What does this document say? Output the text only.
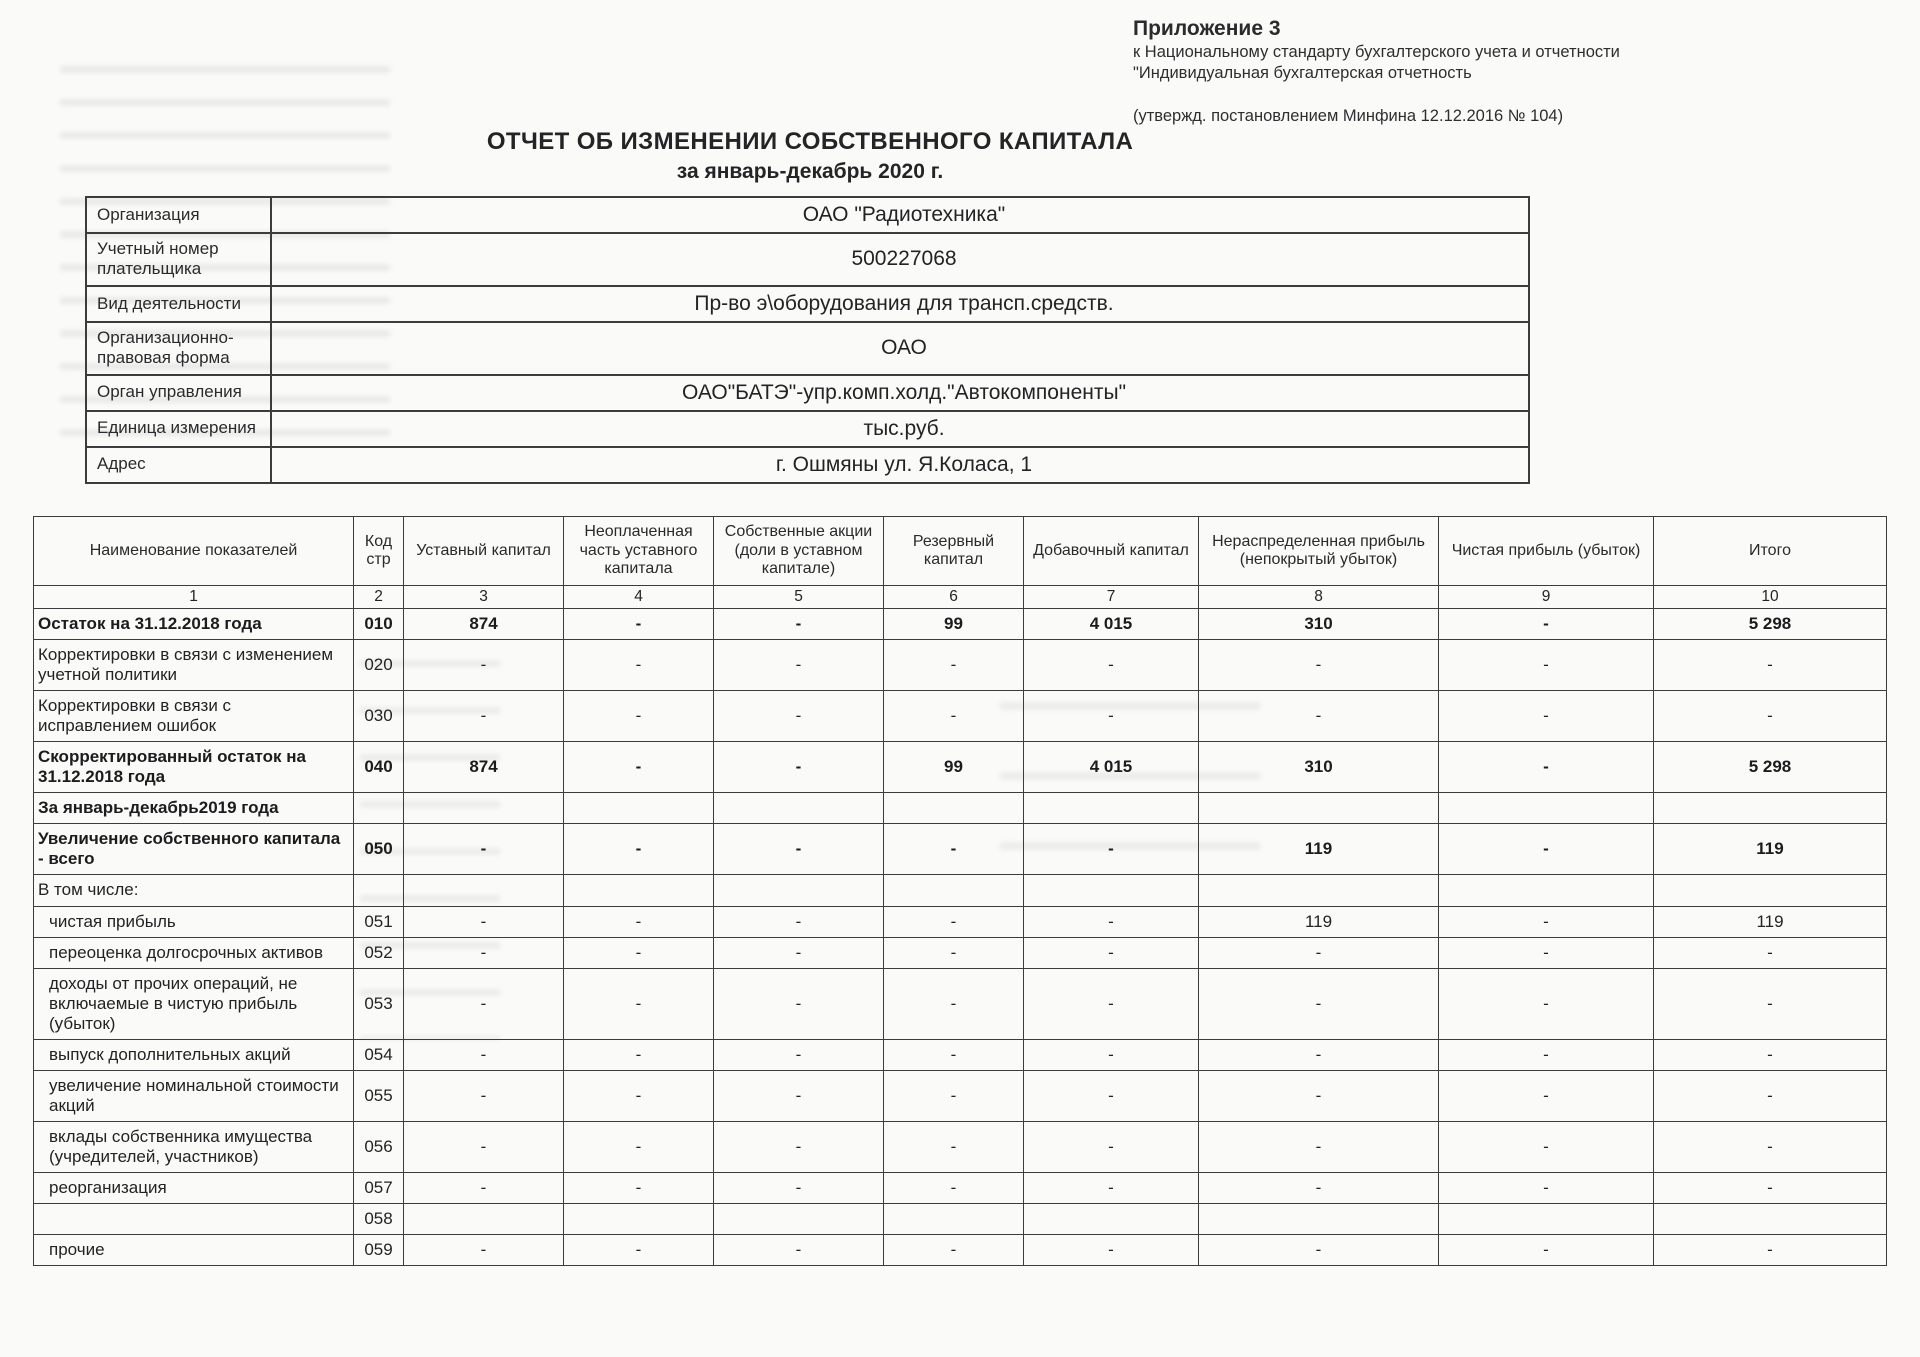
Приложение 3
к Национальному стандарту бухгалтерского учета и отчетности
"Индивидуальная бухгалтерская отчетность
(утвержд. постановлением Минфина 12.12.2016 № 104)
ОТЧЕТ ОБ ИЗМЕНЕНИИ СОБСТВЕННОГО КАПИТАЛА
за январь-декабрь 2020 г.
Организация	ОАО "Радиотехника"
Учетный номер плательщика	500227068
Вид деятельности	Пр-во э\оборудования для трансп.средств.
Организационно-правовая форма	ОАО
Орган управления	ОАО"БАТЭ"-упр.комп.холд."Автокомпоненты"
Единица измерения	тыс.руб.
Адрес	г. Ошмяны ул. Я.Коласа, 1
Наименование показателей	Код стр	Уставный капитал	Неоплаченная часть уставного капитала	Собственные акции (доли в уставном капитале)	Резервный капитал	Добавочный капитал	Нераспределенная прибыль (непокрытый убыток)	Чистая прибыль (убыток)	Итого
1	2	3	4	5	6	7	8	9	10
Остаток на 31.12.2018 года	010	874	-	-	99	4 015	310	-	5 298
Корректировки в связи с изменением учетной политики	020	-	-	-	-	-	-	-	-
Корректировки в связи с исправлением ошибок	030	-	-	-	-	-	-	-	-
Скорректированный остаток на 31.12.2018 года	040	874	-	-	99	4 015	310	-	5 298
За январь-декабрь2019 года									
Увеличение собственного капитала - всего	050	-	-	-	-	-	119	-	119
В том числе:									
чистая прибыль	051	-	-	-	-	-	119	-	119
переоценка долгосрочных активов	052	-	-	-	-	-	-	-	-
доходы от прочих операций, не включаемые в чистую прибыль (убыток)	053	-	-	-	-	-	-	-	-
выпуск дополнительных акций	054	-	-	-	-	-	-	-	-
увеличение номинальной стоимости акций	055	-	-	-	-	-	-	-	-
вклады собственника имущества (учредителей, участников)	056	-	-	-	-	-	-	-	-
реорганизация	057	-	-	-	-	-	-	-	-
	058								
прочие	059	-	-	-	-	-	-	-	-
